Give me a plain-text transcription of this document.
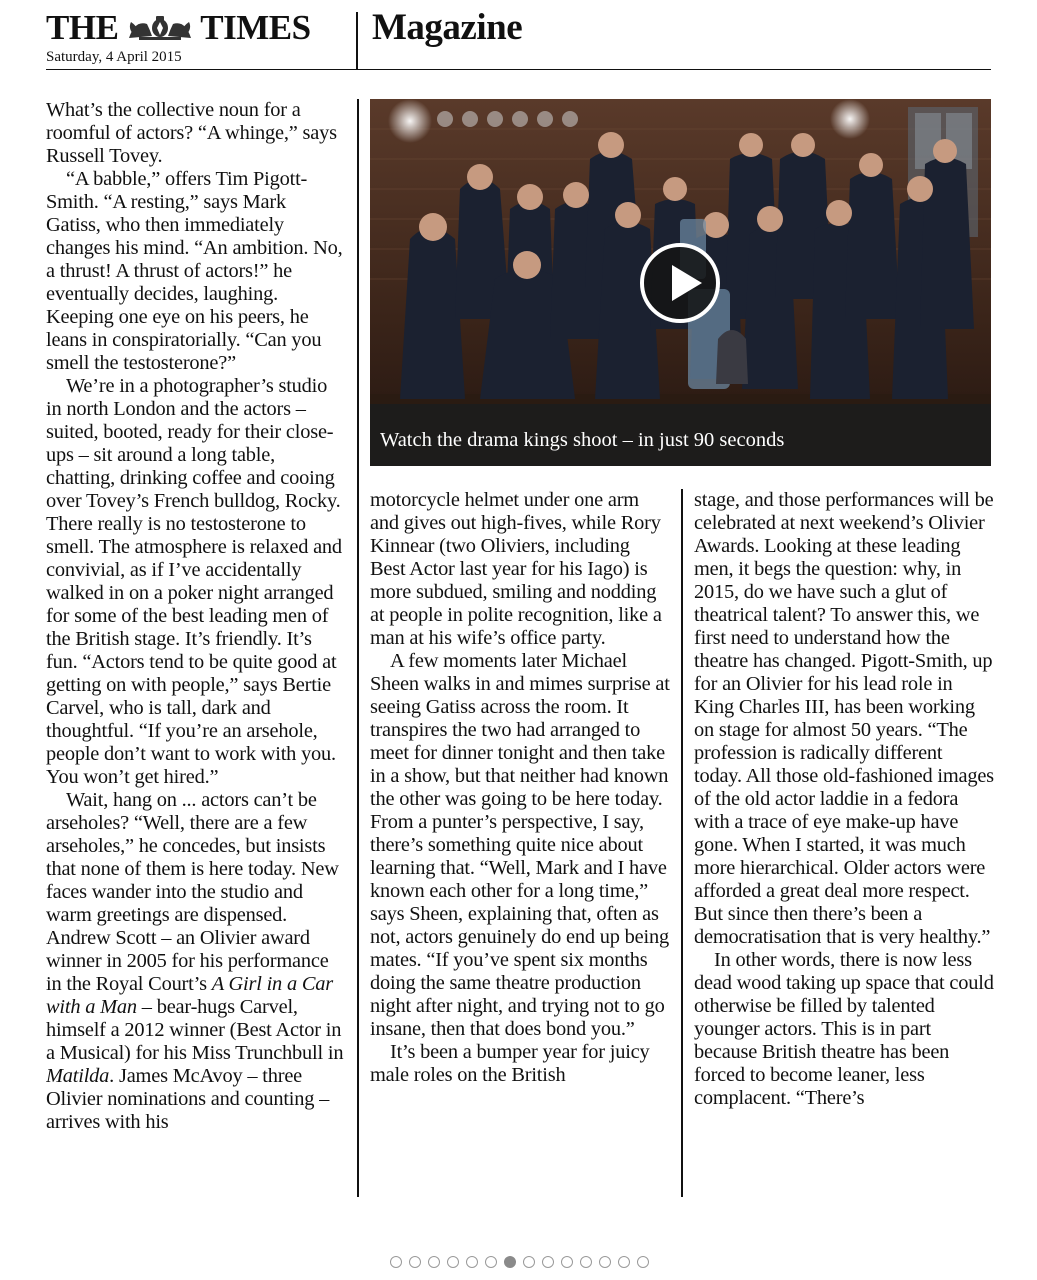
THE TIMES
Saturday, 4 April 2015
Magazine

What’s the collective noun for a roomful of actors? “A whinge,” says Russell Tovey.

“A babble,” offers Tim Pigott-Smith. “A resting,” says Mark Gatiss, who then immediately changes his mind. “An ambition. No, a thrust! A thrust of actors!” he eventually decides, laughing. Keeping one eye on his peers, he leans in conspiratorially. “Can you smell the testosterone?”

We’re in a photographer’s studio in north London and the actors – suited, booted, ready for their close-ups – sit around a long table, chatting, drinking coffee and cooing over Tovey’s French bulldog, Rocky. There really is no testosterone to smell. The atmosphere is relaxed and convivial, as if I’ve accidentally walked in on a poker night arranged for some of the best leading men of the British stage. It’s friendly. It’s fun. “Actors tend to be quite good at getting on with people,” says Bertie Carvel, who is tall, dark and thoughtful. “If you’re an arsehole, people don’t want to work with you. You won’t get hired.”

Wait, hang on ... actors can’t be arseholes? “Well, there are a few arseholes,” he concedes, but insists that none of them is here today. New faces wander into the studio and warm greetings are dispensed. Andrew Scott – an Olivier award winner in 2005 for his performance in the Royal Court’s A Girl in a Car with a Man – bear-hugs Carvel, himself a 2012 winner (Best Actor in a Musical) for his Miss Trunchbull in Matilda. James McAvoy – three Olivier nominations and counting – arrives with his

Watch the drama kings shoot – in just 90 seconds

motorcycle helmet under one arm and gives out high-fives, while Rory Kinnear (two Oliviers, including Best Actor last year for his Iago) is more subdued, smiling and nodding at people in polite recognition, like a man at his wife’s office party.

A few moments later Michael Sheen walks in and mimes surprise at seeing Gatiss across the room. It transpires the two had arranged to meet for dinner tonight and then take in a show, but that neither had known the other was going to be here today. From a punter’s perspective, I say, there’s something quite nice about learning that. “Well, Mark and I have known each other for a long time,” says Sheen, explaining that, often as not, actors genuinely do end up being mates. “If you’ve spent six months doing the same theatre production night after night, and trying not to go insane, then that does bond you.”

It’s been a bumper year for juicy male roles on the British

stage, and those performances will be celebrated at next weekend’s Olivier Awards. Looking at these leading men, it begs the question: why, in 2015, do we have such a glut of theatrical talent? To answer this, we first need to understand how the theatre has changed. Pigott-Smith, up for an Olivier for his lead role in King Charles III, has been working on stage for almost 50 years. “The profession is radically different today. All those old-fashioned images of the old actor laddie in a fedora with a trace of eye make-up have gone. When I started, it was much more hierarchical. Older actors were afforded a great deal more respect. But since then there’s been a democratisation that is very healthy.”

In other words, there is now less dead wood taking up space that could otherwise be filled by talented younger actors. This is in part because British theatre has been forced to become leaner, less complacent. “There’s
